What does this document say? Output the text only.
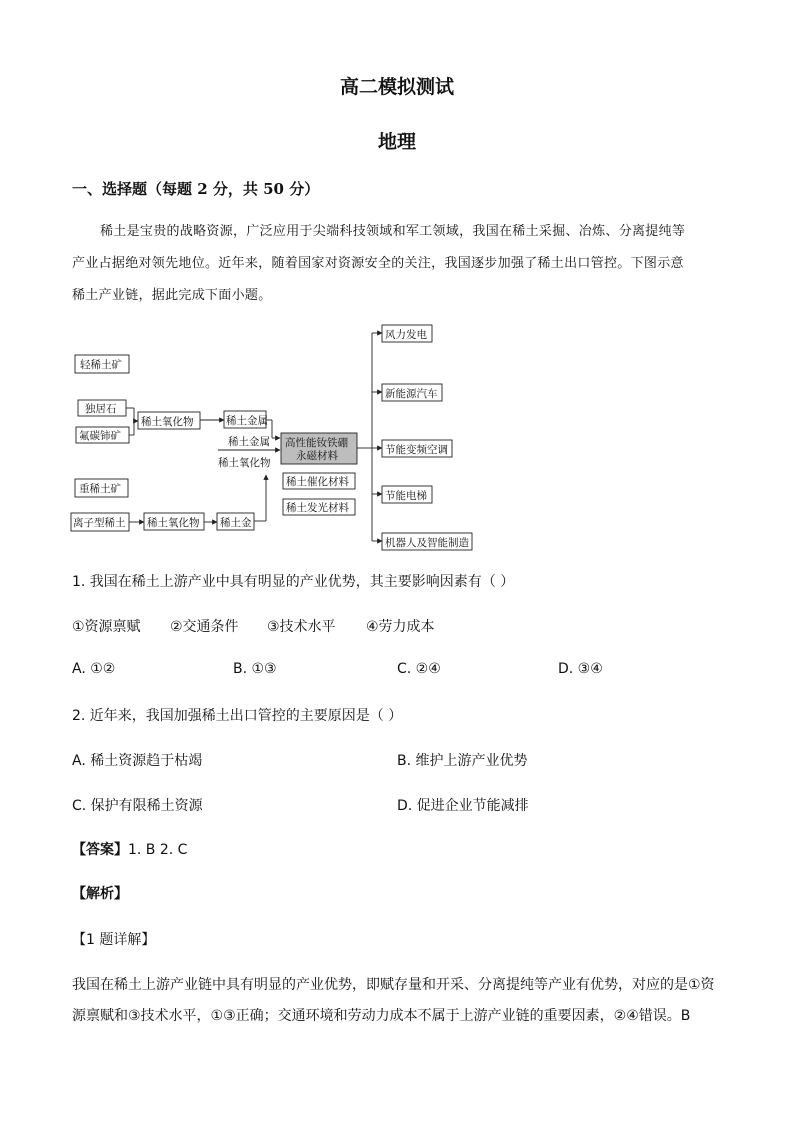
高二模拟测试
地理
一、选择题（每题 2 分，共 50 分）
稀土是宝贵的战略资源，广泛应用于尖端科技领域和军工领域，我国在稀土采掘、冶炼、分离提纯等
产业占据绝对领先地位。近年来，随着国家对资源安全的关注，我国逐步加强了稀土出口管控。下图示意
稀土产业链，据此完成下面小题。
轻稀土矿
独居石
氟碳铈矿
稀土氧化物	稀土金属
稀土金属
稀土氧化物
高性能钕铁硼
永磁材料
稀土催化材料
稀土发光材料
重稀土矿
离子型稀土 稀土氧化物 稀土金
风力发电
新能源汽车
节能变频空调
节能电梯
机器人及智能制造
1. 我国在稀土上游产业中具有明显的产业优势，其主要影响因素有（ ）
①资源禀赋 ②交通条件 ③技术水平 ④劳力成本
A. ①②	B. ①③	C. ②④	D. ③④
2. 近年来，我国加强稀土出口管控的主要原因是（ ）
A. 稀土资源趋于枯竭	B. 维护上游产业优势
C. 保护有限稀土资源	D. 促进企业节能减排
【答案】1. B 2. C
【解析】
【1 题详解】
我国在稀土上游产业链中具有明显的产业优势，即赋存量和开采、分离提纯等产业有优势，对应的是①资
源禀赋和③技术水平，①③正确；交通环境和劳动力成本不属于上游产业链的重要因素，②④错误。B
